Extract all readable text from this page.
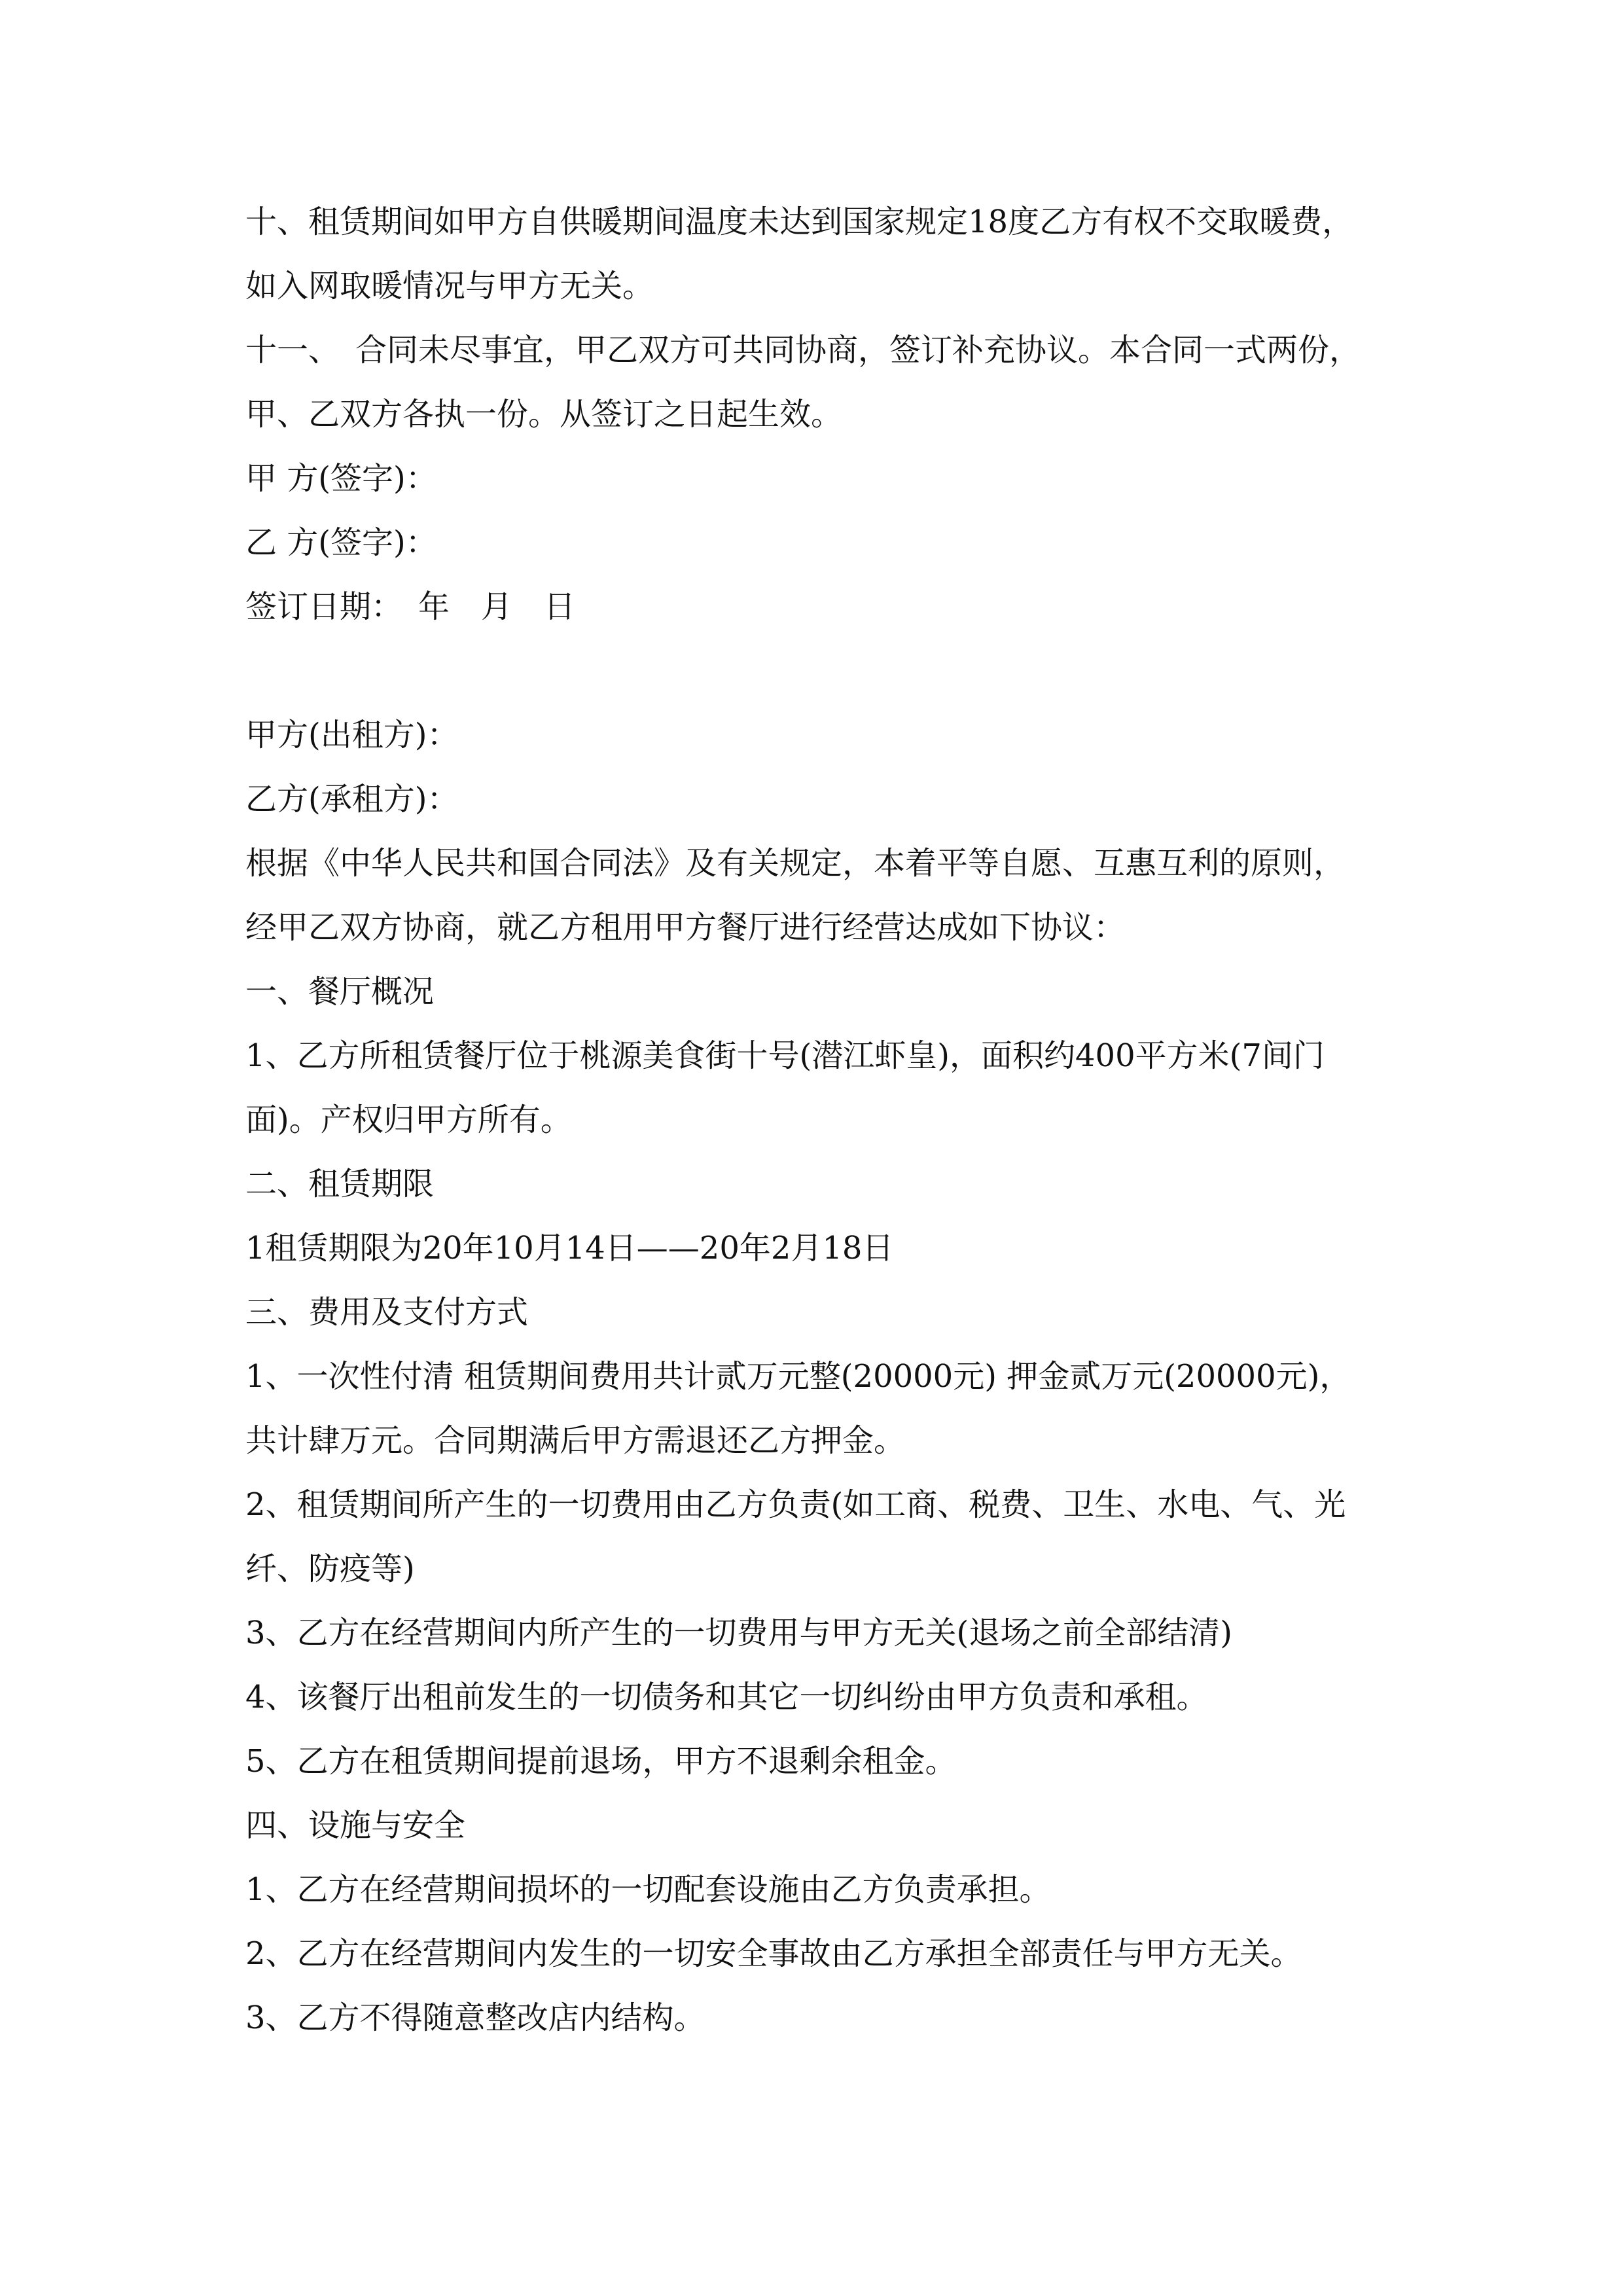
十、租赁期间如甲方自供暖期间温度未达到国家规定18度乙方有权不交取暖费，
如入网取暖情况与甲方无关。
十一、　合同未尽事宜，甲乙双方可共同协商，签订补充协议。本合同一式两份，
甲、乙双方各执一份。从签订之日起生效。
甲 方(签字)：
乙 方(签字)：
签订日期：　年　月　日
甲方(出租方)：
乙方(承租方)：
根据《中华人民共和国合同法》及有关规定，本着平等自愿、互惠互利的原则，
经甲乙双方协商，就乙方租用甲方餐厅进行经营达成如下协议：
一、餐厅概况
1、乙方所租赁餐厅位于桃源美食街十号(潜江虾皇)，面积约400平方米(7间门
面)。产权归甲方所有。
二、租赁期限
1租赁期限为20年10月14日——20年2月18日
三、费用及支付方式
1、一次性付清 租赁期间费用共计贰万元整(20000元) 押金贰万元(20000元)，
共计肆万元。合同期满后甲方需退还乙方押金。
2、租赁期间所产生的一切费用由乙方负责(如工商、税费、卫生、水电、气、光
纤、防疫等)
3、乙方在经营期间内所产生的一切费用与甲方无关(退场之前全部结清)
4、该餐厅出租前发生的一切债务和其它一切纠纷由甲方负责和承租。
5、乙方在租赁期间提前退场，甲方不退剩余租金。
四、设施与安全
1、乙方在经营期间损坏的一切配套设施由乙方负责承担。
2、乙方在经营期间内发生的一切安全事故由乙方承担全部责任与甲方无关。
3、乙方不得随意整改店内结构。
